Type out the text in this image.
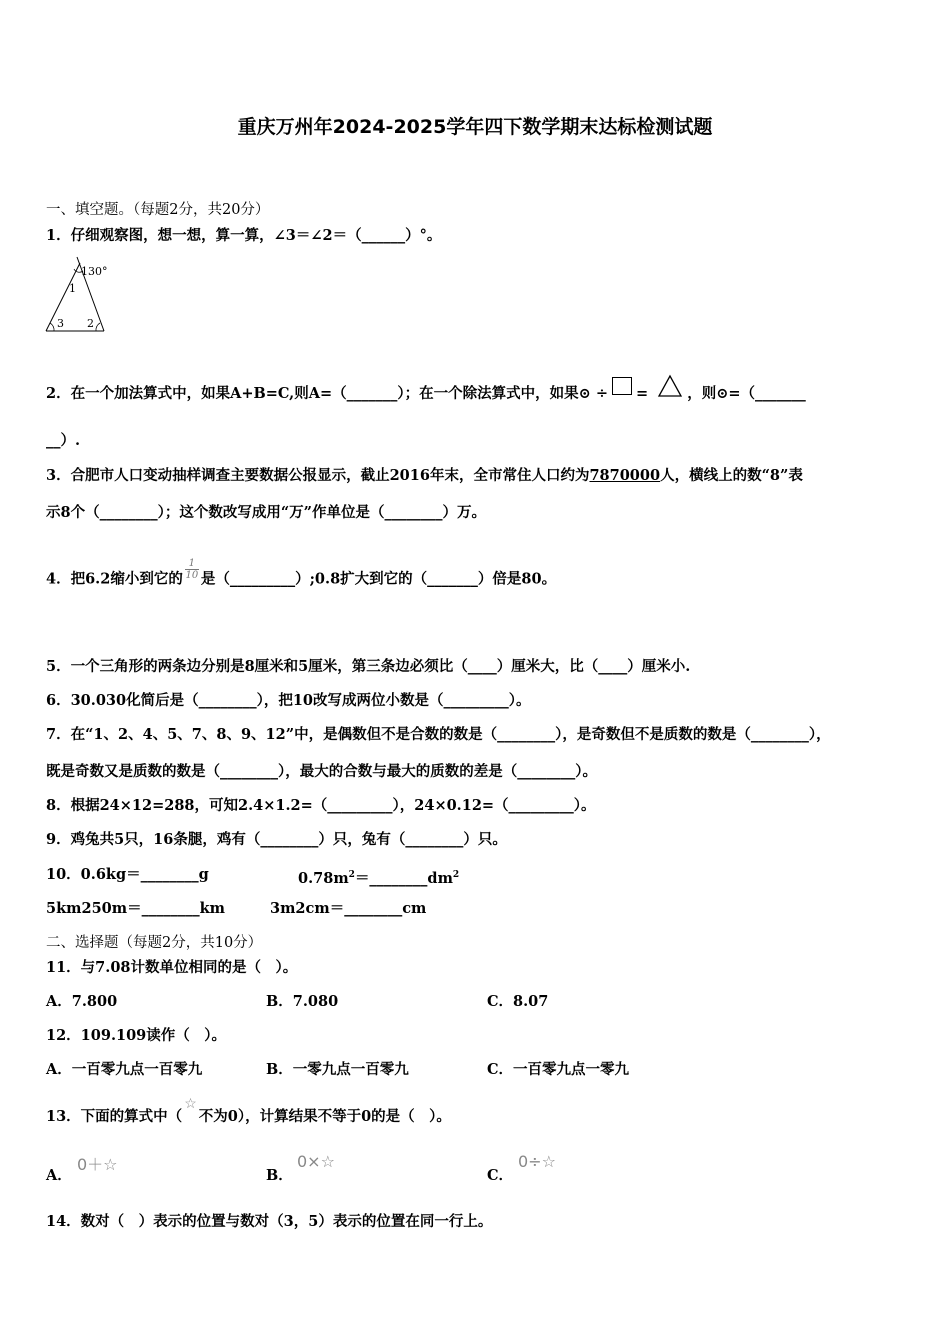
重庆万州年2024-2025学年四下数学期末达标检测试题
一、填空题。（每题2分，共20分）
1．仔细观察图，想一想，算一算，∠3＝∠2＝（______）°。
130°
1
3 2
2．在一个加法算式中，如果A+B=C,则A=（_______）；在一个除法算式中，如果⊙ ÷ =	，则⊙=（_______
__）.
3．合肥市人口变动抽样调查主要数据公报显示，截止2016年末，全市常住人口约为7870000人，横线上的数“8”表
示8个（________）；这个数改写成用“万”作单位是（________）万。
4．把6.2缩小到它的 $\frac{1}{10}$ 是（_________）;0.8扩大到它的（_______）倍是80。
5．一个三角形的两条边分别是8厘米和5厘米，第三条边必须比（____）厘米大，比（____）厘米小.
6．30.030化简后是（________），把10改写成两位小数是（_________）。
7．在“1、2、4、5、7、8、9、12”中，是偶数但不是合数的数是（________），是奇数但不是质数的数是（________），
既是奇数又是质数的数是（________），最大的合数与最大的质数的差是（________）。
8．根据24×12=288，可知2.4×1.2=（_________），24×0.12=（_________）。
9．鸡兔共5只，16条腿，鸡有（________）只，兔有（________）只。
10．0.6kg＝________g	$0.78m^2=\_\_\_\_\_\_\_\_dm^2$
5km250m＝________km	3m2cm＝________cm
二、选择题（每题2分，共10分）
11．与7.08计数单位相同的是（　）。
A．7.800	B．7.080	C．8.07
12．109.109读作（　）。
A．一百零九点一百零九	B．一零九点一百零九	C．一百零九点一零九
13．下面的算式中（☆不为0），计算结果不等于0的是（　）。
A．
0＋☆
B．
0×☆
C．
0÷☆
14．数对（　）表示的位置与数对（3，5）表示的位置在同一行上。
